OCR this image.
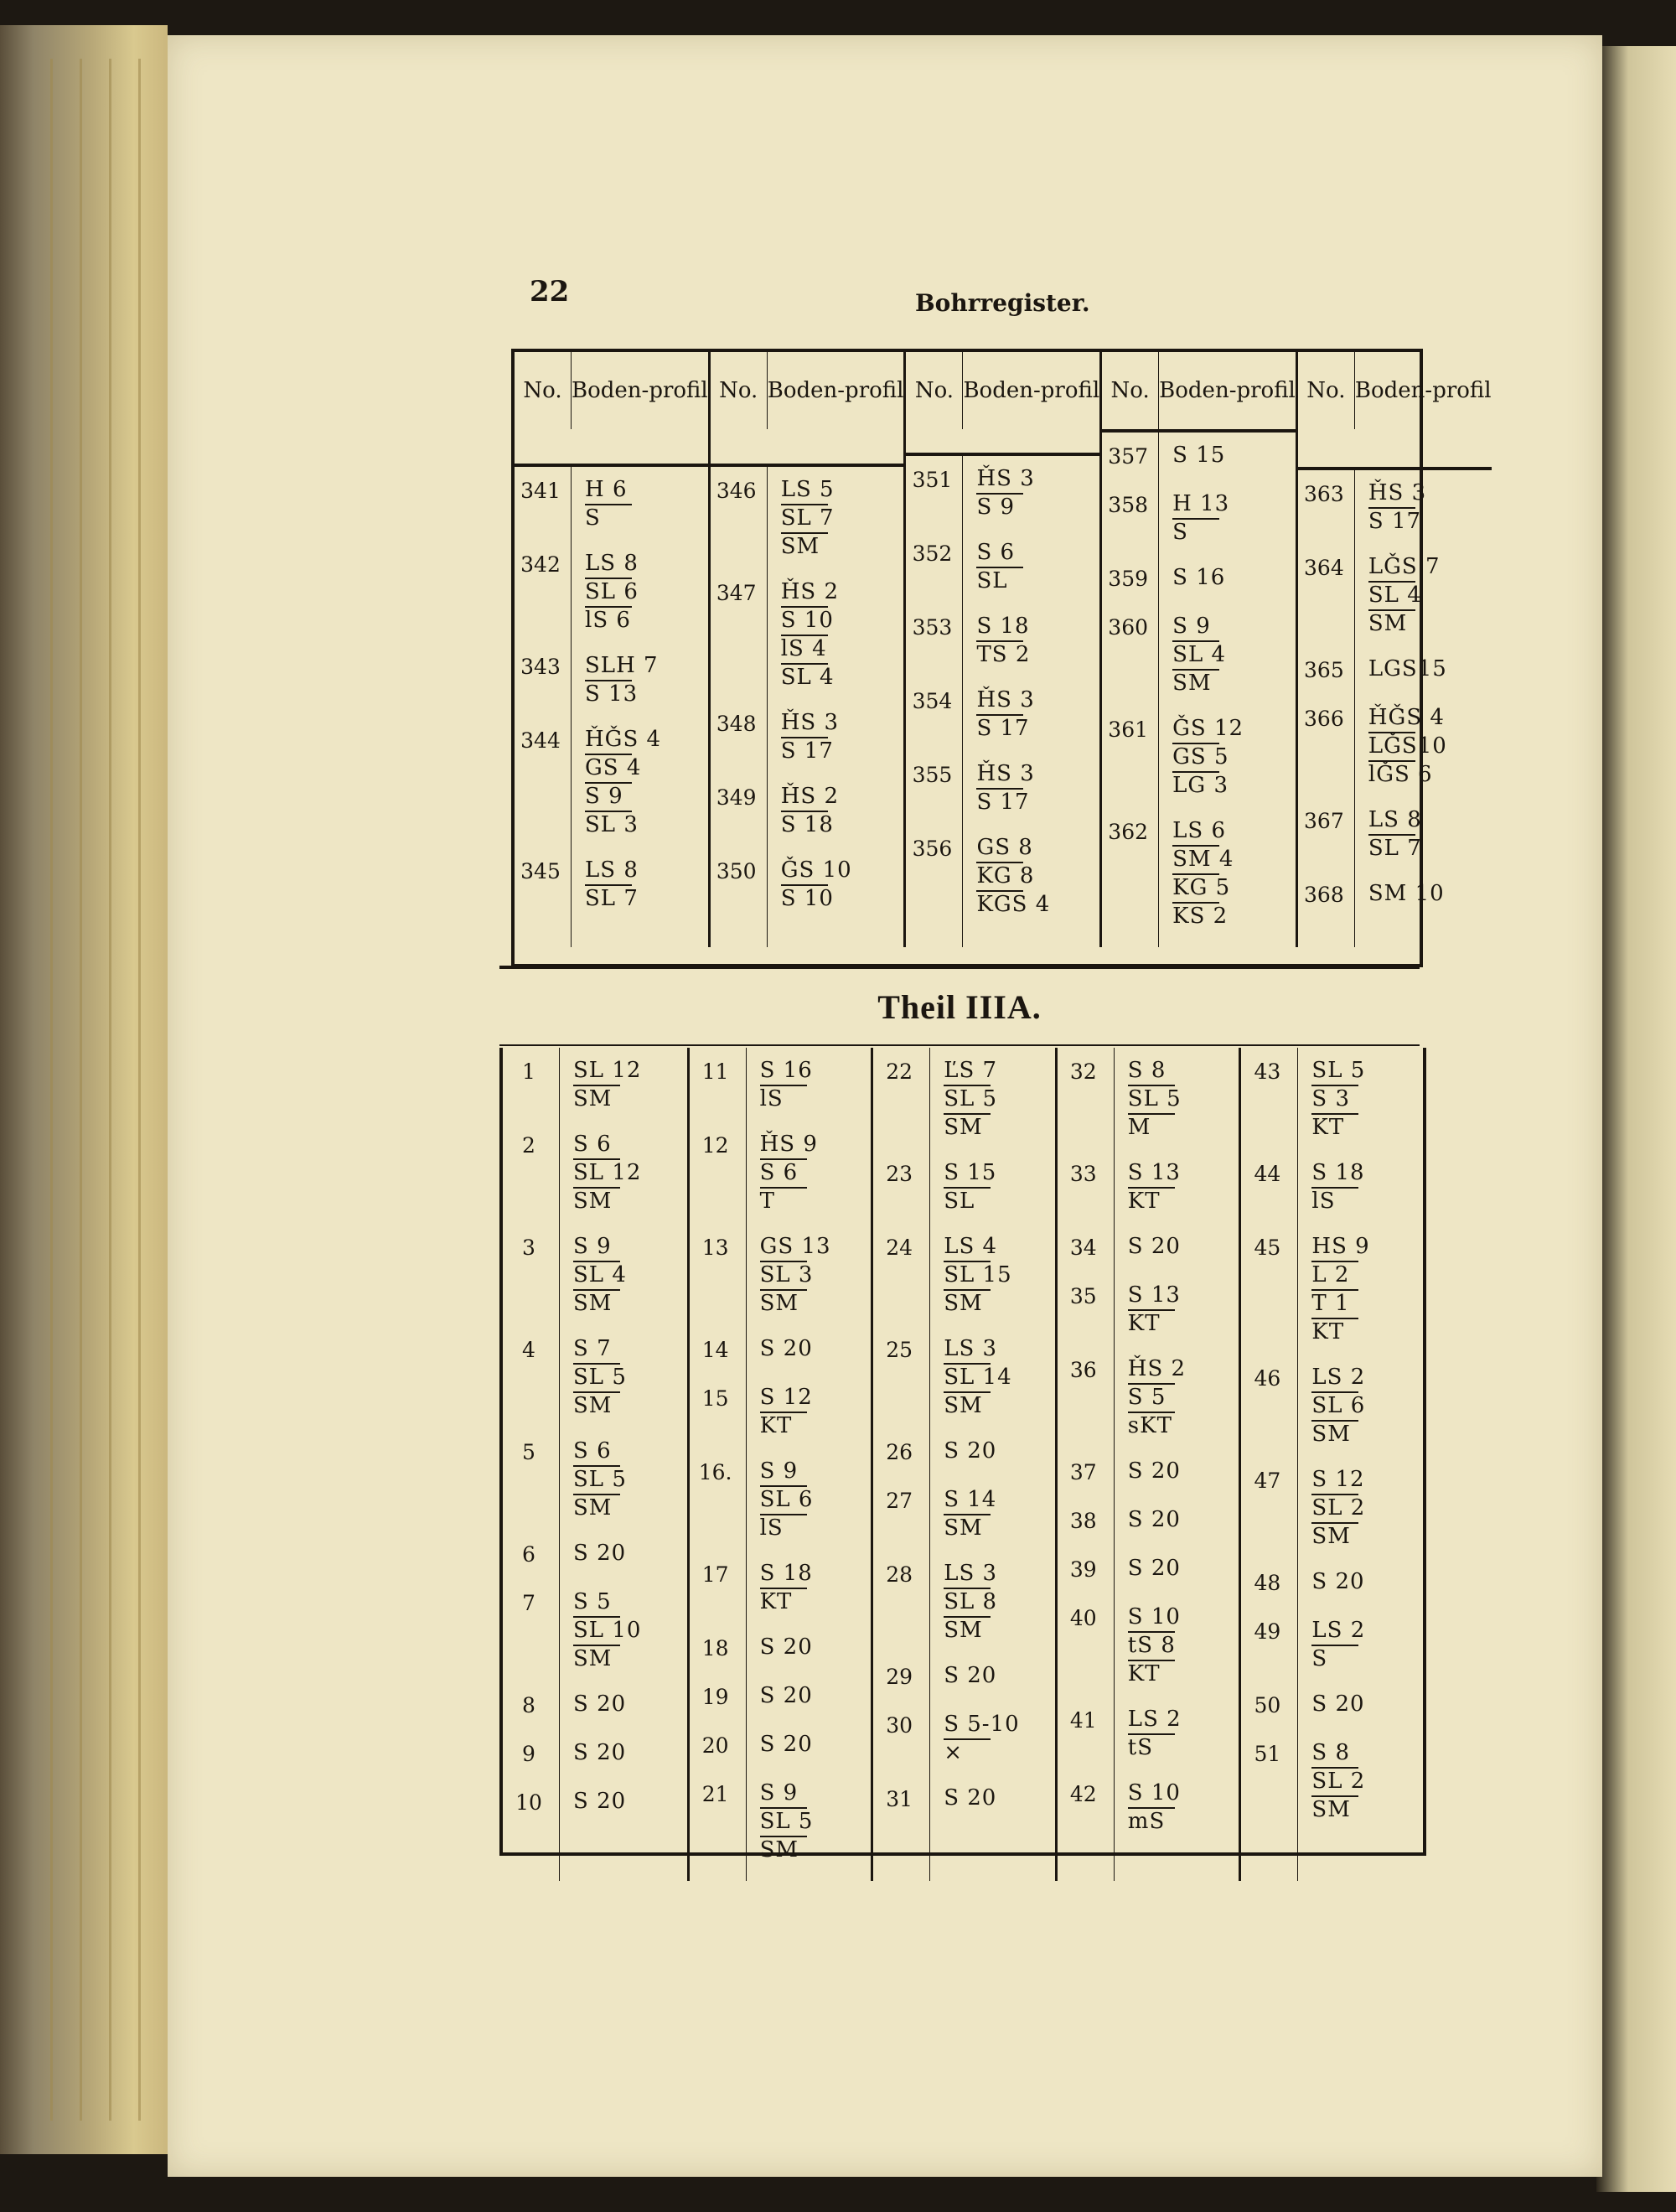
22	Bohrregister.
No. Boden- profil
341 H 6
S
342 LS 8
SL 6
lS 6
343 SLH 7
S 13
344 ȞǦS 4
GS 4
S 9
SL 3
345 LS 8
SL 7
No. Boden- profil
346 LS 5
SL 7
SM
347 ȞS 2
S 10
lS 4
SL 4
348 ȞS 3
S 17
349 ȞS 2
S 18
350 ǦS 10
S 10
No. Boden- profil
351 ȞS 3
S 9
352 S 6
SL
353 S 18
TS 2
354 ȞS 3
S 17
355 ȞS 3
S 17
356 GS 8
KG 8
KGS 4
No. Boden- profil
357 S 15
358 H 13
S
359 S 16
360 S 9
SL 4
SM
361 ǦS 12
GS 5
LG 3
362 LS 6
SM 4
KG 5
KS 2
No. Boden- profil
363 ȞS 3
S 17
364 LǦS 7
SL 4
SM
365 LGS15
366 ȞǦS 4
LǦS10
lǦS 6
367 LS 8
SL 7
368 SM 10
Theil IIIA.
1	SL 12
SM
2	S 6
SL 12
SM
3	S 9
SL 4
SM
4	S 7
SL 5
SM
5	S 6
SL 5
SM
6	S 20
7	S 5
SL 10
SM
8	S 20
9	S 20
10	S 20
11	S 16
lS
12	ȞS 9
S 6
T
13	GS 13
SL 3
SM
14	S 20
15	S 12
KT
16.	S 9
SL 6
lS
17	S 18
KT
18	S 20
19	S 20
20	S 20
21	S 9
SL 5
SM
22	ĽS 7
SL 5
SM
23	S 15
SL
24	LS 4
SL 15
SM
25	LS 3
SL 14
SM
26	S 20
27	S 14
SM
28	LS 3
SL 8
SM
29	S 20
30	S 5-10
×
31	S 20
32	S 8
SL 5
M
33	S 13
KT
34	S 20
35	S 13
KT
36	ȞS 2
S 5
sKT
37	S 20
38	S 20
39	S 20
40	S 10
tS 8
KT
41	LS 2
tS
42	S 10
mS
43	SL 5
S 3
KT
44	S 18
lS
45	HS 9
L 2
T 1
KT
46	LS 2
SL 6
SM
47	S 12
SL 2
SM
48	S 20
49	LS 2
S
50	S 20
51	S 8
SL 2
SM
